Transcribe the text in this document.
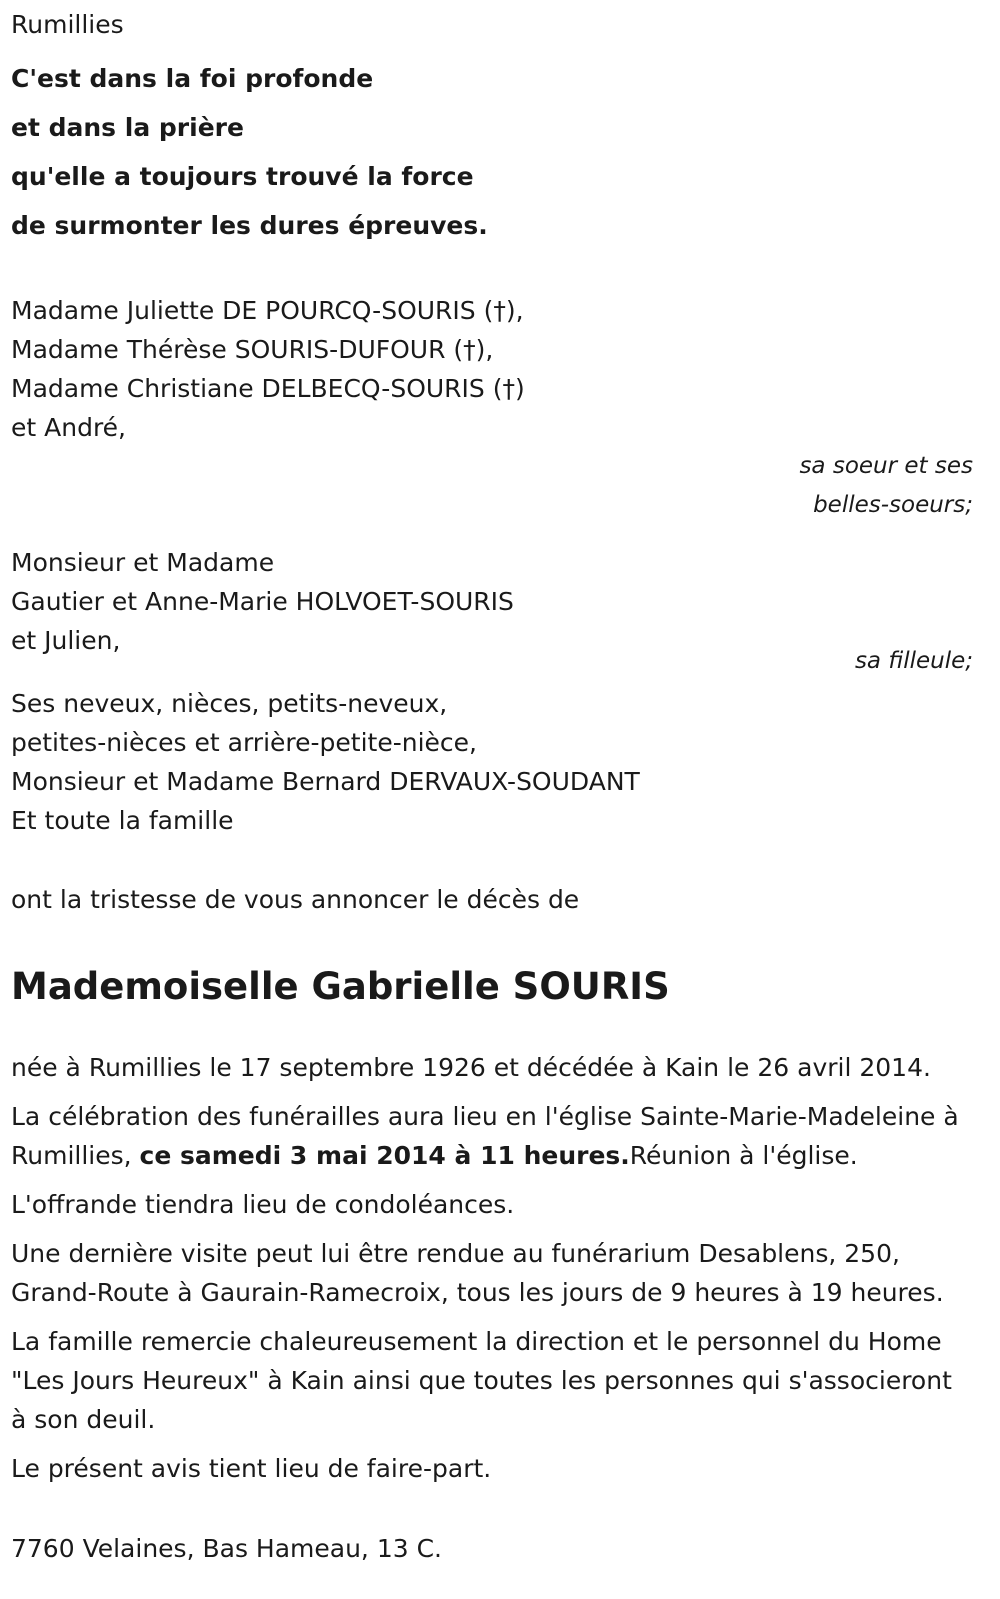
Rumillies
C'est dans la foi profonde
et dans la prière
qu'elle a toujours trouvé la force
de surmonter les dures épreuves.
Madame Juliette DE POURCQ-SOURIS (†),
Madame Thérèse SOURIS-DUFOUR (†),
Madame Christiane DELBECQ-SOURIS (†)
et André,
sa soeur et ses
belles-soeurs;
Monsieur et Madame
Gautier et Anne-Marie HOLVOET-SOURIS
et Julien,
sa filleule;
Ses neveux, nièces, petits-neveux,
petites-nièces et arrière-petite-nièce,
Monsieur et Madame Bernard DERVAUX-SOUDANT
Et toute la famille
ont la tristesse de vous annoncer le décès de
Mademoiselle Gabrielle SOURIS

née à Rumillies le 17 septembre 1926 et décédée à Kain le 26 avril 2014.

La célébration des funérailles aura lieu en l'église Sainte-Marie-Madeleine à Rumillies, ce samedi 3 mai 2014 à 11 heures.Réunion à l'église.

L'offrande tiendra lieu de condoléances.

Une dernière visite peut lui être rendue au funérarium Desablens, 250, Grand-Route à Gaurain-Ramecroix, tous les jours de 9 heures à 19 heures.

La famille remercie chaleureusement la direction et le personnel du Home "Les Jours Heureux" à Kain ainsi que toutes les personnes qui s'associeront à son deuil.

Le présent avis tient lieu de faire-part.

7760 Velaines, Bas Hameau, 13 C.
